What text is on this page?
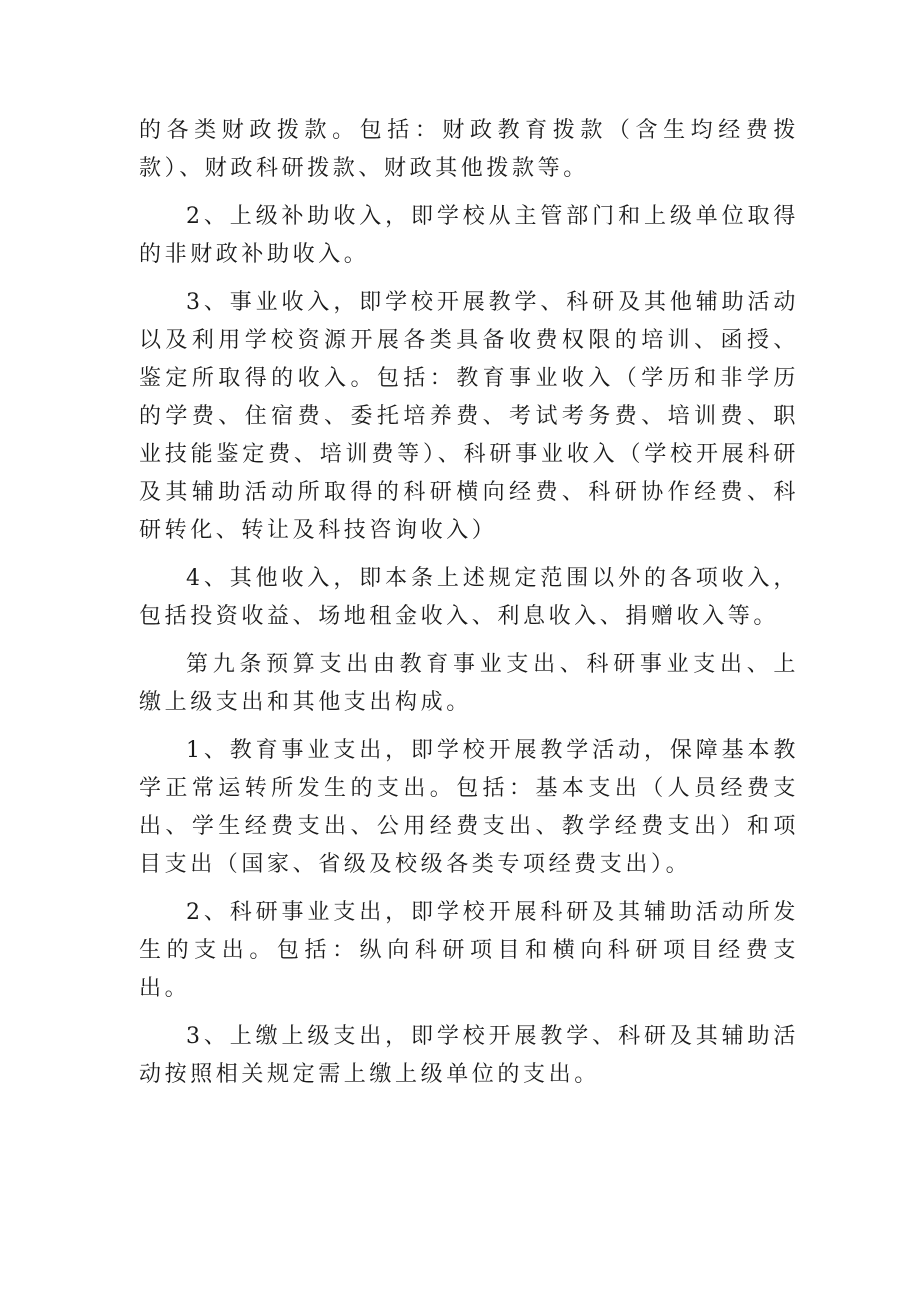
的各类财政拨款。包括：财政教育拨款（含生均经费拨款）、财政科研拨款、财政其他拨款等。

2、上级补助收入，即学校从主管部门和上级单位取得的非财政补助收入。

3、事业收入，即学校开展教学、科研及其他辅助活动以及利用学校资源开展各类具备收费权限的培训、函授、鉴定所取得的收入。包括：教育事业收入（学历和非学历的学费、住宿费、委托培养费、考试考务费、培训费、职业技能鉴定费、培训费等）、科研事业收入（学校开展科研及其辅助活动所取得的科研横向经费、科研协作经费、科研转化、转让及科技咨询收入）

4、其他收入，即本条上述规定范围以外的各项收入，包括投资收益、场地租金收入、利息收入、捐赠收入等。

第九条预算支出由教育事业支出、科研事业支出、上缴上级支出和其他支出构成。

1、教育事业支出，即学校开展教学活动，保障基本教学正常运转所发生的支出。包括：基本支出（人员经费支出、学生经费支出、公用经费支出、教学经费支出）和项目支出（国家、省级及校级各类专项经费支出）。

2、科研事业支出，即学校开展科研及其辅助活动所发生的支出。包括：纵向科研项目和横向科研项目经费支出。

3、上缴上级支出，即学校开展教学、科研及其辅助活动按照相关规定需上缴上级单位的支出。
